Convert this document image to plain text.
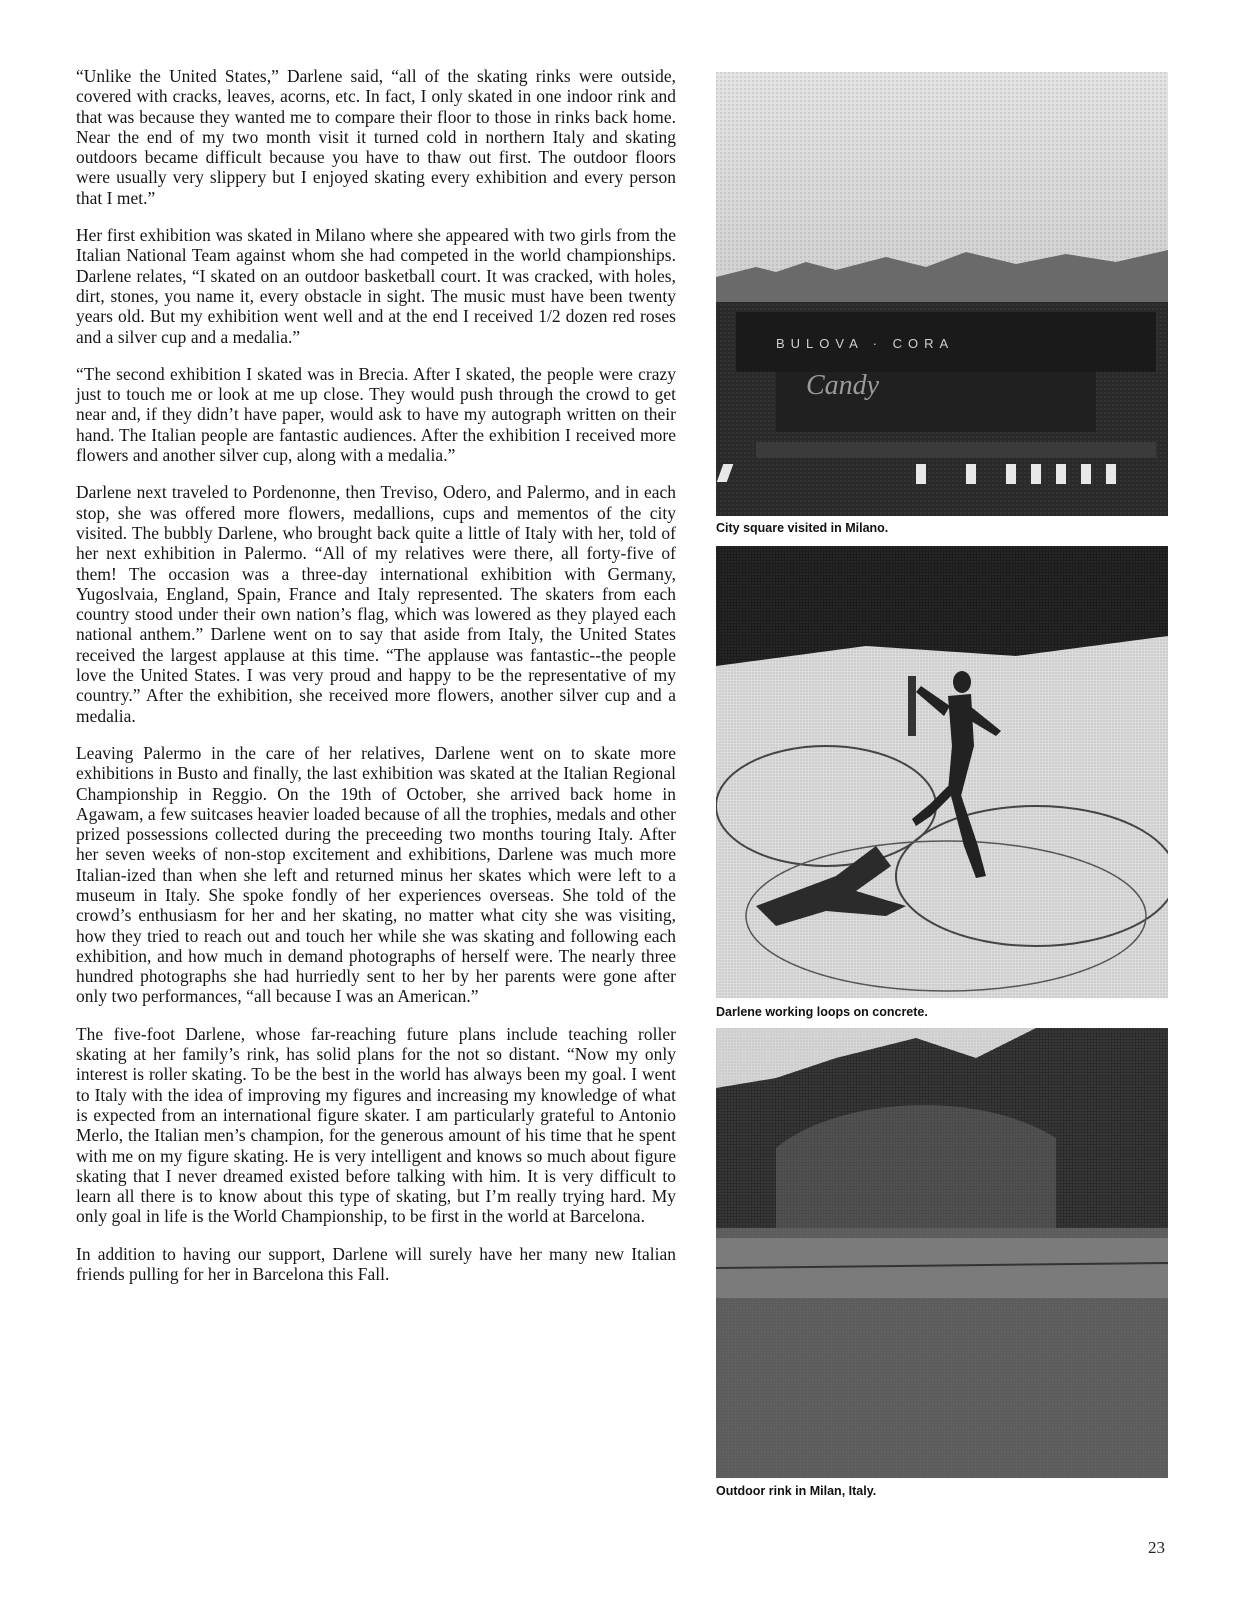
“Unlike the United States,” Darlene said, “all of the skating rinks were outside, covered with cracks, leaves, acorns, etc. In fact, I only skated in one indoor rink and that was because they wanted me to compare their floor to those in rinks back home. Near the end of my two month visit it turned cold in northern Italy and skating outdoors became difficult because you have to thaw out first. The outdoor floors were usually very slippery but I enjoyed skating every exhibition and every person that I met.”

Her first exhibition was skated in Milano where she appeared with two girls from the Italian National Team against whom she had competed in the world championships. Darlene relates, “I skated on an outdoor basketball court. It was cracked, with holes, dirt, stones, you name it, every obstacle in sight. The music must have been twenty years old. But my exhibition went well and at the end I received 1/2 dozen red roses and a silver cup and a medalia.”

“The second exhibition I skated was in Brecia. After I skated, the people were crazy just to touch me or look at me up close. They would push through the crowd to get near and, if they didn’t have paper, would ask to have my autograph written on their hand. The Italian people are fantastic audiences. After the exhibition I received more flowers and another silver cup, along with a medalia.”

Darlene next traveled to Pordenonne, then Treviso, Odero, and Palermo, and in each stop, she was offered more flowers, medallions, cups and mementos of the city visited. The bubbly Darlene, who brought back quite a little of Italy with her, told of her next exhibition in Palermo. “All of my relatives were there, all forty-five of them! The occasion was a three-day international exhibition with Germany, Yugoslvaia, England, Spain, France and Italy represented. The skaters from each country stood under their own nation’s flag, which was lowered as they played each national anthem.” Darlene went on to say that aside from Italy, the United States received the largest applause at this time. “The applause was fantastic--the people love the United States. I was very proud and happy to be the representative of my country.” After the exhibition, she received more flowers, another silver cup and a medalia.

Leaving Palermo in the care of her relatives, Darlene went on to skate more exhibitions in Busto and finally, the last exhibition was skated at the Italian Regional Championship in Reggio. On the 19th of October, she arrived back home in Agawam, a few suitcases heavier loaded because of all the trophies, medals and other prized possessions collected during the preceeding two months touring Italy. After her seven weeks of non-stop excitement and exhibitions, Darlene was much more Italian-ized than when she left and returned minus her skates which were left to a museum in Italy. She spoke fondly of her experiences overseas. She told of the crowd’s enthusiasm for her and her skating, no matter what city she was visiting, how they tried to reach out and touch her while she was skating and following each exhibition, and how much in demand photographs of herself were. The nearly three hundred photographs she had hurriedly sent to her by her parents were gone after only two performances, “all because I was an American.”

The five-foot Darlene, whose far-reaching future plans include teaching roller skating at her family’s rink, has solid plans for the not so distant. “Now my only interest is roller skating. To be the best in the world has always been my goal. I went to Italy with the idea of improving my figures and increasing my knowledge of what is expected from an international figure skater. I am particularly grateful to Antonio Merlo, the Italian men’s champion, for the generous amount of his time that he spent with me on my figure skating. He is very intelligent and knows so much about figure skating that I never dreamed existed before talking with him. It is very difficult to learn all there is to know about this type of skating, but I’m really trying hard. My only goal in life is the World Championship, to be first in the world at Barcelona.

In addition to having our support, Darlene will surely have her many new Italian friends pulling for her in Barcelona this Fall.

BULOVA · CORA
Candy
City square visited in Milano.
Darlene working loops on concrete.
Outdoor rink in Milan, Italy.
23
